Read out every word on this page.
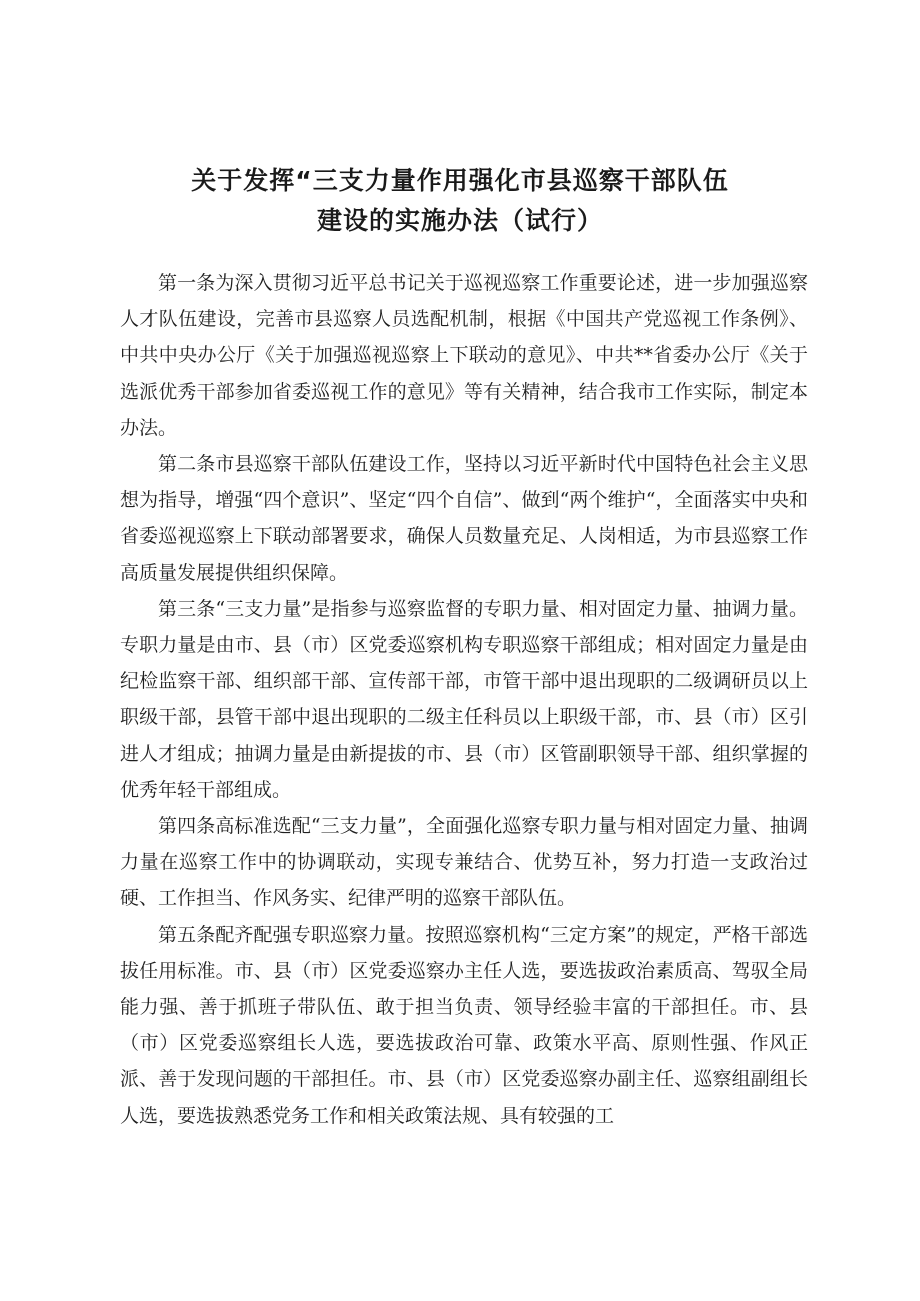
关于发挥“三支力量作用强化市县巡察干部队伍
建设的实施办法（试行）

第一条为深入贯彻习近平总书记关于巡视巡察工作重要论述，进一步加强巡察人才队伍建设，完善市县巡察人员选配机制，根据《中国共产党巡视工作条例》、中共中央办公厅《关于加强巡视巡察上下联动的意见》、中共**省委办公厅《关于选派优秀干部参加省委巡视工作的意见》等有关精神，结合我市工作实际，制定本办法。

第二条市县巡察干部队伍建设工作，坚持以习近平新时代中国特色社会主义思想为指导，增强“四个意识”、坚定“四个自信”、做到“两个维护“，全面落实中央和省委巡视巡察上下联动部署要求，确保人员数量充足、人岗相适，为市县巡察工作高质量发展提供组织保障。

第三条“三支力量”是指参与巡察监督的专职力量、相对固定力量、抽调力量。专职力量是由市、县（市）区党委巡察机构专职巡察干部组成；相对固定力量是由纪检监察干部、组织部干部、宣传部干部，市管干部中退出现职的二级调研员以上职级干部，县管干部中退出现职的二级主任科员以上职级干部，市、县（市）区引进人才组成；抽调力量是由新提拔的市、县（市）区管副职领导干部、组织掌握的优秀年轻干部组成。

第四条高标准选配“三支力量”，全面强化巡察专职力量与相对固定力量、抽调力量在巡察工作中的协调联动，实现专兼结合、优势互补，努力打造一支政治过硬、工作担当、作风务实、纪律严明的巡察干部队伍。

第五条配齐配强专职巡察力量。按照巡察机构“三定方案”的规定，严格干部选拔任用标准。市、县（市）区党委巡察办主任人选，要选拔政治素质高、驾驭全局能力强、善于抓班子带队伍、敢于担当负责、领导经验丰富的干部担任。市、县（市）区党委巡察组长人选，要选拔政治可靠、政策水平高、原则性强、作风正派、善于发现问题的干部担任。市、县（市）区党委巡察办副主任、巡察组副组长人选，要选拔熟悉党务工作和相关政策法规、具有较强的工
